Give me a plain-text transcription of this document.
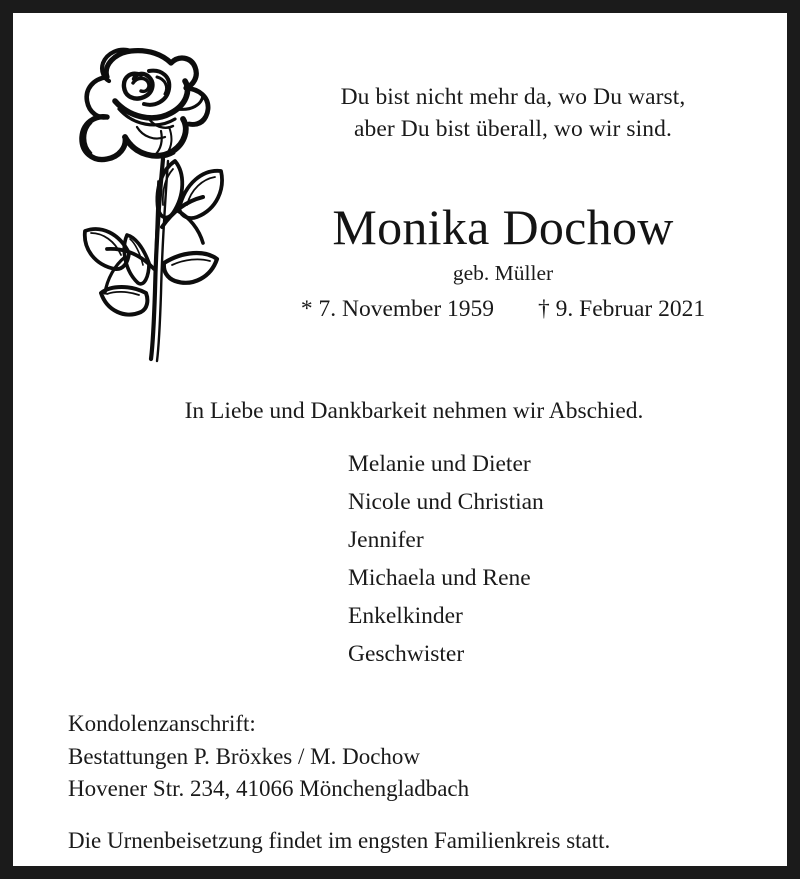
Du bist nicht mehr da, wo Du warst,
aber Du bist überall, wo wir sind.
Monika Dochow
geb. Müller
* 7. November 1959 † 9. Februar 2021
In Liebe und Dankbarkeit nehmen wir Abschied.
Melanie und Dieter
Nicole und Christian
Jennifer
Michaela und Rene
Enkelkinder
Geschwister
Kondolenzanschrift:
Bestattungen P. Bröxkes / M. Dochow
Hovener Str. 234, 41066 Mönchengladbach
Die Urnenbeisetzung findet im engsten Familienkreis statt.
